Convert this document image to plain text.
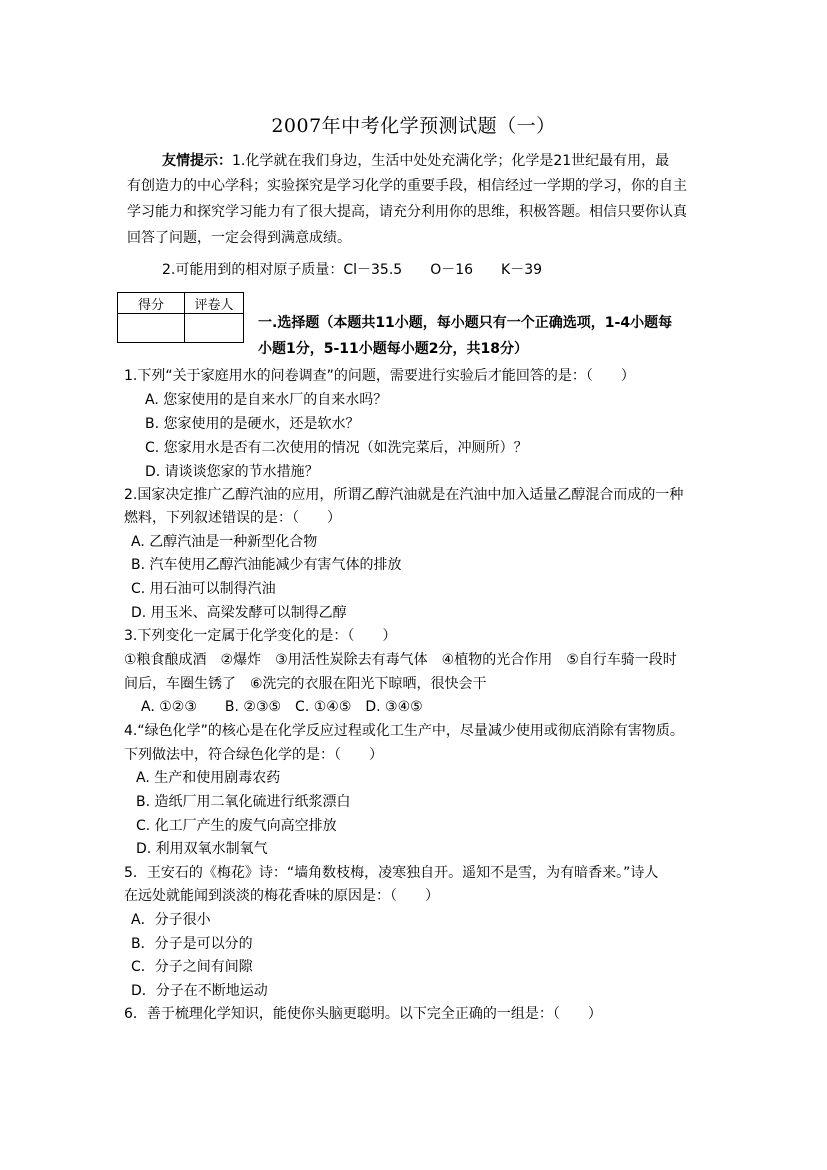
2007年中考化学预测试题（一）
友情提示：1.化学就在我们身边，生活中处处充满化学；化学是21世纪最有用，最
有创造力的中心学科；实验探究是学习化学的重要手段，相信经过一学期的学习，你的自主
学习能力和探究学习能力有了很大提高，请充分利用你的思维，积极答题。相信只要你认真
回答了问题，一定会得到满意成绩。
2.可能用到的相对原子质量：Cl－35.5　　O－16　　K－39
得分	评卷人

一.选择题（本题共11小题，每小题只有一个正确选项，1-4小题每
小题1分，5-11小题每小题2分，共18分）
1.下列“关于家庭用水的问卷调查”的问题，需要进行实验后才能回答的是：（　　）
A. 您家使用的是自来水厂的自来水吗？
B. 您家使用的是硬水，还是软水？
C. 您家用水是否有二次使用的情况（如洗完菜后，冲厕所）？
D. 请谈谈您家的节水措施？
2.国家决定推广乙醇汽油的应用，所谓乙醇汽油就是在汽油中加入适量乙醇混合而成的一种
燃料，下列叙述错误的是：（　　）
A. 乙醇汽油是一种新型化合物
B. 汽车使用乙醇汽油能减少有害气体的排放
C. 用石油可以制得汽油
D. 用玉米、高梁发酵可以制得乙醇
3.下列变化一定属于化学变化的是：（　　）
①粮食酿成酒　②爆炸　③用活性炭除去有毒气体　④植物的光合作用　⑤自行车骑一段时
间后，车圈生锈了　⑥洗完的衣服在阳光下晾晒，很快会干
A. ①②③　　B. ②③⑤　C. ①④⑤　D. ③④⑤
4.“绿色化学”的核心是在化学反应过程或化工生产中，尽量减少使用或彻底消除有害物质。
下列做法中，符合绿色化学的是：（　　）
A. 生产和使用剧毒农药
B. 造纸厂用二氧化硫进行纸浆漂白
C. 化工厂产生的废气向高空排放
D. 利用双氧水制氧气
5．王安石的《梅花》诗：“墙角数枝梅，凌寒独自开。遥知不是雪，为有暗香来。”诗人
在远处就能闻到淡淡的梅花香味的原因是：（　　）
A．分子很小
B．分子是可以分的
C．分子之间有间隙
D．分子在不断地运动
6．善于梳理化学知识，能使你头脑更聪明。以下完全正确的一组是：（　　）
